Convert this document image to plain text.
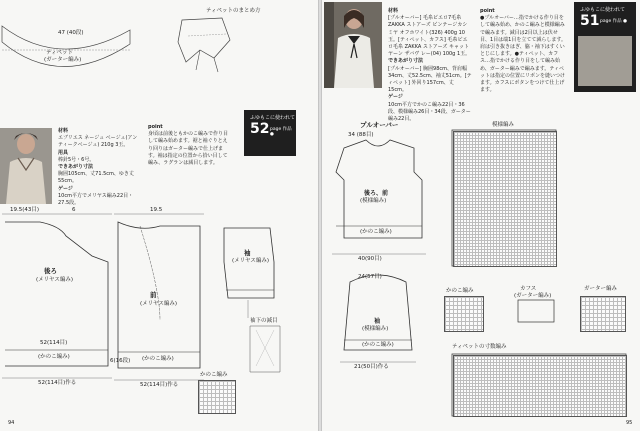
ティペットのまとめ方
47 (40段)
ティペット
(ガーター編み)
材料
エブリエス ネージュ ベージュ(アンティークベージュ) 210g 3玉。
用具
棒針5号・6号。
できあがり寸法
胸囲105cm、丈71.5cm、ゆき丈55cm。
ゲージ
10cm平方でメリヤス編み22目・27.5段。
point
身頃は前後ともかのこ編みで作り目して編み始めます。裾と袖ぐりとえり回りはガーター編みで仕上げます。袖は指定の位置から拾い目して編み、ラグランは減目します。
ふゆもこに使われて
52 page 作品 ●
後ろ
(メリヤス編み)
(かのこ編み)
前
(メリヤス編み)
(かのこ編み)
袖
(メリヤス編み)
19.5(43目)	6	19.5
52(114目)
6(16段)
52(114目)作る	52(114目)作る
袖下の減目
かのこ編み
94
材料
[プルオーバー] 毛糸ピエロ7毛糸 ZAKKA ストアーズ ピンテージカシミヤ オフホワイト(326) 400g 10玉。[ティペット、カフス] 毛糸ピエロ毛糸 ZAKKA ストアーズ キャットヤーン ザバヴ レー(04) 100g 1玉。
できあがり寸法
[プルオーバー] 胸囲98cm、背肩幅34cm、丈52.5cm、袖丈51cm。[ティペット] 外回り157cm、丈15cm。
ゲージ
10cm平方でかのこ編み22目・36段、模様編み26目・34段、ガーター編み22目。
point
●プルオーバー…指でかける作り目をして編み始め、かのこ編みと模様編みで編みます。減目は2目以上は伏せ目、1目は端1目を立てて減らします。肩は引き抜きはぎ、脇・袖下はすくいとじにします。●ティペット、カフス…指でかける作り目をして編み始め、ガーター編みで編みます。ティペットは指定の位置にリボンを縫いつけます。カフスにボタンをつけて仕上げます。
ふゆもこに使われて
51 page 作品 ●
プルオーバー
後ろ、前
(模様編み)
(かのこ編み)
袖
(模様編み)
(かのこ編み)
34 (88目)
40(90目)
21(50目)作る
24(57目)
模様編み
かのこ編み	カフス
(ガーター編み)
ガーター編み
ティペットの寸数編み
95
